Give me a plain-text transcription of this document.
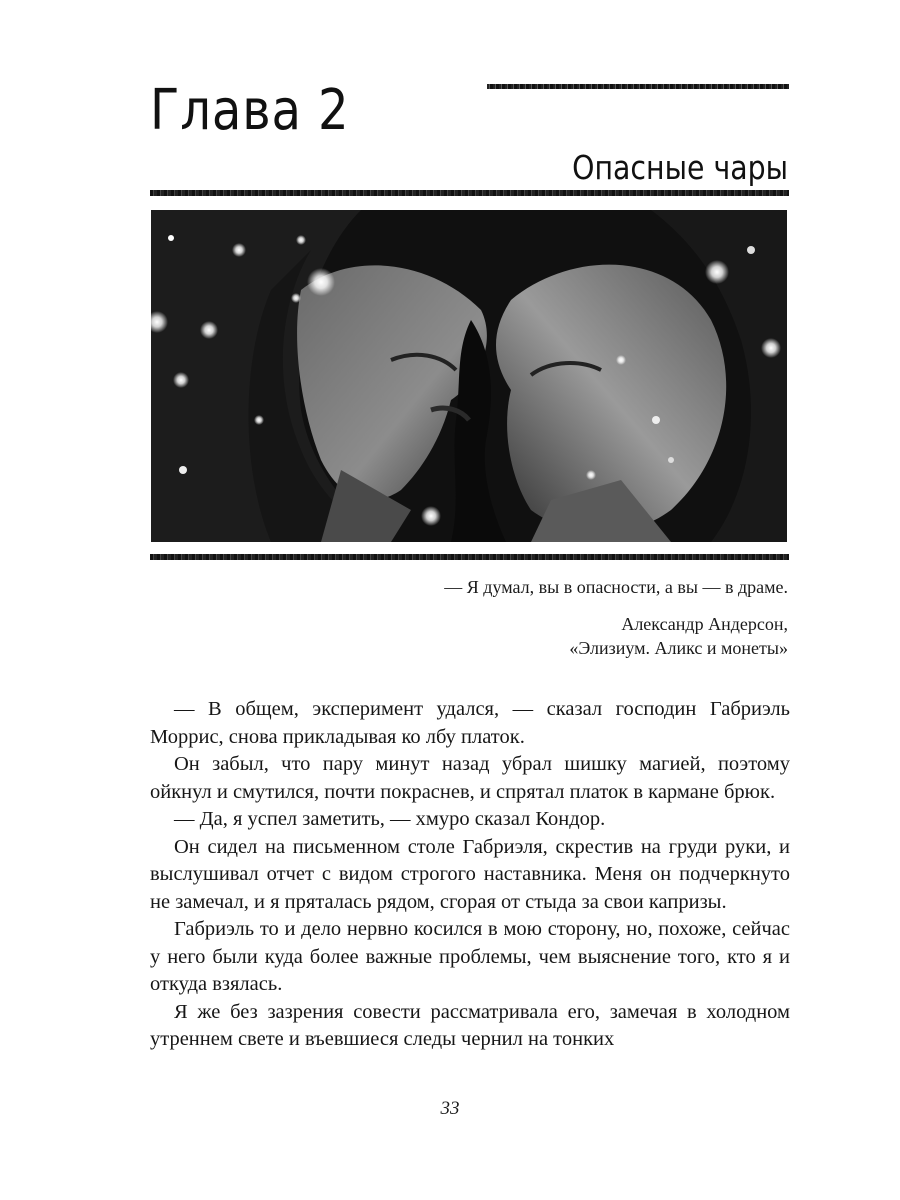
Глава 2
Опасные чары
— Я думал, вы в опасности, а вы — в драме.
Александр Андерсон,
«Элизиум. Аликс и монеты»

— В общем, эксперимент удался, — сказал господин Габриэль Моррис, снова прикладывая ко лбу платок.

Он забыл, что пару минут назад убрал шишку магией, поэтому ойкнул и смутился, почти покраснев, и спрятал платок в кармане брюк.

— Да, я успел заметить, — хмуро сказал Кондор.

Он сидел на письменном столе Габриэля, скрестив на груди руки, и выслушивал отчет с видом строгого наставника. Меня он подчеркнуто не замечал, и я пряталась рядом, сгорая от стыда за свои капризы.

Габриэль то и дело нервно косился в мою сторону, но, похоже, сейчас у него были куда более важные проблемы, чем выяснение того, кто я и откуда взялась.

Я же без зазрения совести рассматривала его, замечая в холодном утреннем свете и въевшиеся следы чернил на тонких

33
